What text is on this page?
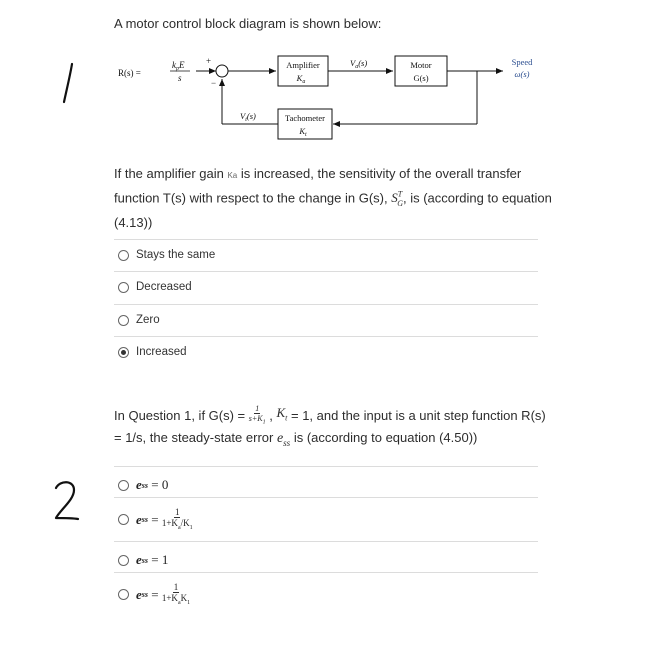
A motor control block diagram is shown below:
R(s) =
$k_pE$
s
+
−
Amplifier
$K_a$
$V_a(s)$	Motor
G(s)
Speed
ω(s)
Tachometer
$K_t$
$V_t(s)$
If the amplifier gain Ka is increased, the sensitivity of the overall transfer
function T(s) with respect to the change in G(s), $S^T_G$, is (according to equation
(4.13))
Stays the same
Decreased
Zero
Increased
In Question 1, if G(s) =
$\frac{1}{s+K_1}$ , $K_t$
= 1, and the input is a unit step function R(s)
= 1/s, the steady-state error $e_{ss}$ is (according to equation (4.50))
e ss
= 0
e ss
=
$\frac{1}{1+K_a/K_1}$
e ss
= 1
e ss
=
$\frac{1}{1+K_aK_1}$
